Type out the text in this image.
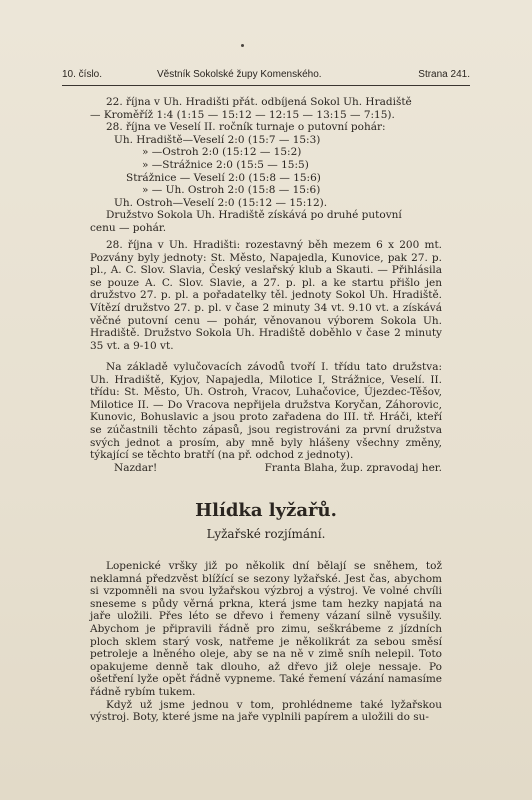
10. číslo.	Věstník Sokolské župy Komenského.	Strana 241.
22. října v Uh. Hradišti přát. odbíjená Sokol Uh. Hradiště
— Kroměříž 1:4 (1:15 — 15:12 — 12:15 — 13:15 — 7:15).
28. října ve Veselí II. ročník turnaje o putovní pohár:
Uh. Hradiště—Veselí 2:0 (15:7 — 15:3)
» —Ostroh 2:0 (15:12 — 15:2)
» —Strážnice 2:0 (15:5 — 15:5)
Strážnice — Veselí 2:0 (15:8 — 15:6)
» — Uh. Ostroh 2:0 (15:8 — 15:6)
Uh. Ostroh—Veselí 2:0 (15:12 — 15:12).
Družstvo Sokola Uh. Hradiště získává po druhé putovní
cenu — pohár.

28. října v Uh. Hradišti: rozestavný běh mezem 6 x 200 mt. Pozvány byly jednoty: St. Město, Napajedla, Kunovice, pak 27. p. pl., A. C. Slov. Slavia, Český veslařský klub a Skauti. — Přihlásila se pouze A. C. Slov. Slavie, a 27. p. pl. a ke startu přišlo jen družstvo 27. p. pl. a pořadatelky těl. jednoty Sokol Uh. Hradiště. Vítězí družstvo 27. p. pl. v čase 2 minuty 34 vt. 9.10 vt. a získává věčné putovní cenu — pohár, věnovanou výborem Sokola Uh. Hradiště. Družstvo Sokola Uh. Hradiště doběhlo v čase 2 minuty 35 vt. a 9-10 vt.

Na základě vylučovacích závodů tvoří I. třídu tato družstva: Uh. Hradiště, Kyjov, Napajedla, Milotice I, Strážnice, Veselí. II. třídu: St. Město, Uh. Ostroh, Vracov, Luhačovice, Újezdec-Těšov, Milotice II. — Do Vracova nepřijela družstva Koryčan, Záhorovic, Kunovic, Bohuslavic a jsou proto zařadena do III. tř. Hráči, kteří se zúčastnili těchto zápasů, jsou registrováni za první družstva svých jednot a prosím, aby mně byly hlášeny všechny změny, týkající se těchto bratří (na př. odchod z jednoty).

Nazdar!	Franta Blaha, žup. zpravodaj her.
Hlídka lyžařů.
Lyžařské rozjímání.

Lopenické vršky již po několik dní bělají se sněhem, tož neklamná předzvěst blížící se sezony lyžařské. Jest čas, abychom si vzpomněli na svou lyžařskou výzbroj a výstroj. Ve volné chvíli sneseme s půdy věrná prkna, která jsme tam hezky napjatá na jaře uložili. Přes léto se dřevo i řemeny vázaní silně vysušily. Abychom je připravili řádně pro zimu, seškrábeme z jízdních ploch sklem starý vosk, natřeme je několikrát za sebou směsí petroleje a lněného oleje, aby se na ně v zimě sníh nelepil. Toto opakujeme denně tak dlouho, až dřevo již oleje nessaje. Po ošetření lyže opět řádně vypneme. Také řemení vázání namasíme řádně rybím tukem.

Když už jsme jednou v tom, prohlédneme také lyžařskou výstroj. Boty, které jsme na jaře vyplnili papírem a uložili do su-
